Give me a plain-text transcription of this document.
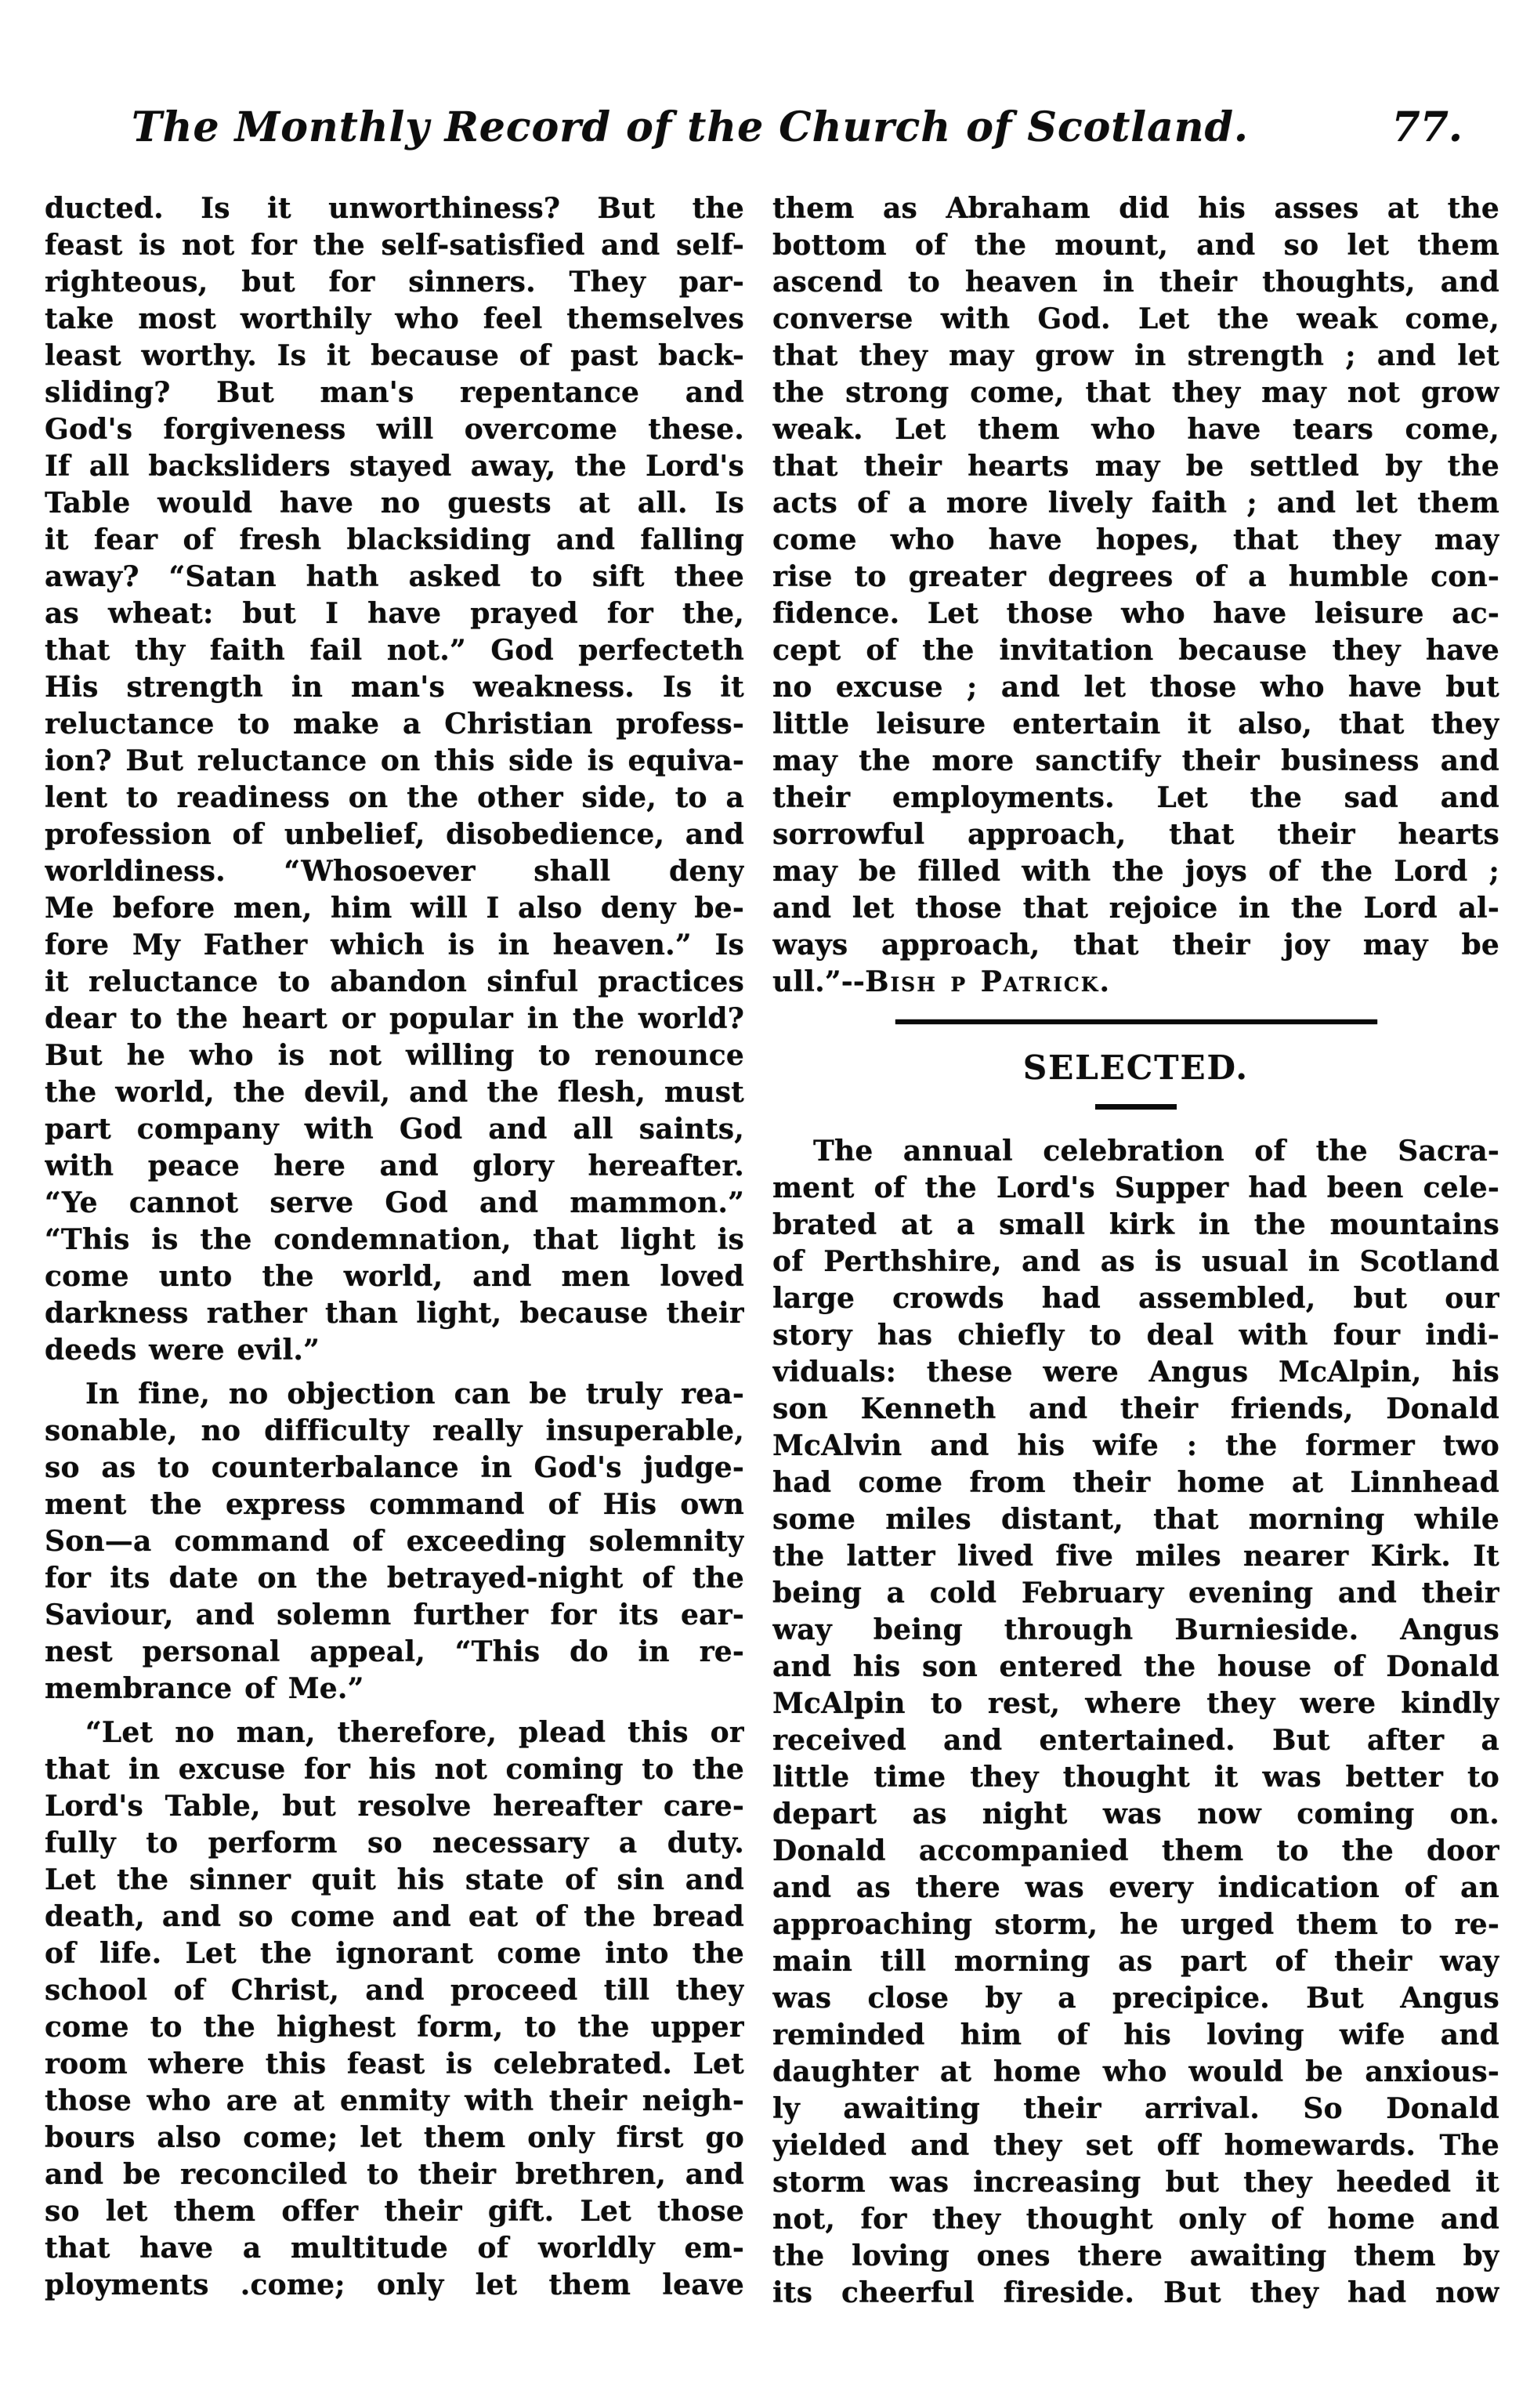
The Monthly Record of the Church of Scotland.	77.
ducted. Is it unworthiness? But the
feast is not for the self-satisfied and self-
righteous, but for sinners. They par-
take most worthily who feel themselves
least worthy. Is it because of past back-
sliding? But man's repentance and
God's forgiveness will overcome these.
If all backsliders stayed away, the Lord's
Table would have no guests at all. Is
it fear of fresh blacksiding and falling
away? “Satan hath asked to sift thee
as wheat: but I have prayed for the,
that thy faith fail not.” God perfecteth
His strength in man's weakness. Is it
reluctance to make a Christian profess-
ion? But reluctance on this side is equiva-
lent to readiness on the other side, to a
profession of unbelief, disobedience, and
worldiness. “Whosoever shall deny
Me before men, him will I also deny be-
fore My Father which is in heaven.” Is
it reluctance to abandon sinful practices
dear to the heart or popular in the world?
But he who is not willing to renounce
the world, the devil, and the flesh, must
part company with God and all saints,
with peace here and glory hereafter.
“Ye cannot serve God and mammon.”
“This is the condemnation, that light is
come unto the world, and men loved
darkness rather than light, because their
deeds were evil.”
In fine, no objection can be truly rea-
sonable, no difficulty really insuperable,
so as to counterbalance in God's judge-
ment the express command of His own
Son—a command of exceeding solemnity
for its date on the betrayed-night of the
Saviour, and solemn further for its ear-
nest personal appeal, “This do in re-
membrance of Me.”
“Let no man, therefore, plead this or
that in excuse for his not coming to the
Lord's Table, but resolve hereafter care-
fully to perform so necessary a duty.
Let the sinner quit his state of sin and
death, and so come and eat of the bread
of life. Let the ignorant come into the
school of Christ, and proceed till they
come to the highest form, to the upper
room where this feast is celebrated. Let
those who are at enmity with their neigh-
bours also come; let them only first go
and be reconciled to their brethren, and
so let them offer their gift. Let those
that have a multitude of worldly em-
ployments .come; only let them leave
them as Abraham did his asses at the
bottom of the mount, and so let them
ascend to heaven in their thoughts, and
converse with God. Let the weak come,
that they may grow in strength ; and let
the strong come, that they may not grow
weak. Let them who have tears come,
that their hearts may be settled by the
acts of a more lively faith ; and let them
come who have hopes, that they may
rise to greater degrees of a humble con-
fidence. Let those who have leisure ac-
cept of the invitation because they have
no excuse ; and let those who have but
little leisure entertain it also, that they
may the more sanctify their business and
their employments. Let the sad and
sorrowful approach, that their hearts
may be filled with the joys of the Lord ;
and let those that rejoice in the Lord al-
ways approach, that their joy may be
ull.”--Bish p Patrick.
SELECTED.
The annual celebration of the Sacra-
ment of the Lord's Supper had been cele-
brated at a small kirk in the mountains
of Perthshire, and as is usual in Scotland
large crowds had assembled, but our
story has chiefly to deal with four indi-
viduals: these were Angus McAlpin, his
son Kenneth and their friends, Donald
McAlvin and his wife : the former two
had come from their home at Linnhead
some miles distant, that morning while
the latter lived five miles nearer Kirk. It
being a cold February evening and their
way being through Burnieside. Angus
and his son entered the house of Donald
McAlpin to rest, where they were kindly
received and entertained. But after a
little time they thought it was better to
depart as night was now coming on.
Donald accompanied them to the door
and as there was every indication of an
approaching storm, he urged them to re-
main till morning as part of their way
was close by a precipice. But Angus
reminded him of his loving wife and
daughter at home who would be anxious-
ly awaiting their arrival. So Donald
yielded and they set off homewards. The
storm was increasing but they heeded it
not, for they thought only of home and
the loving ones there awaiting them by
its cheerful fireside. But they had now
